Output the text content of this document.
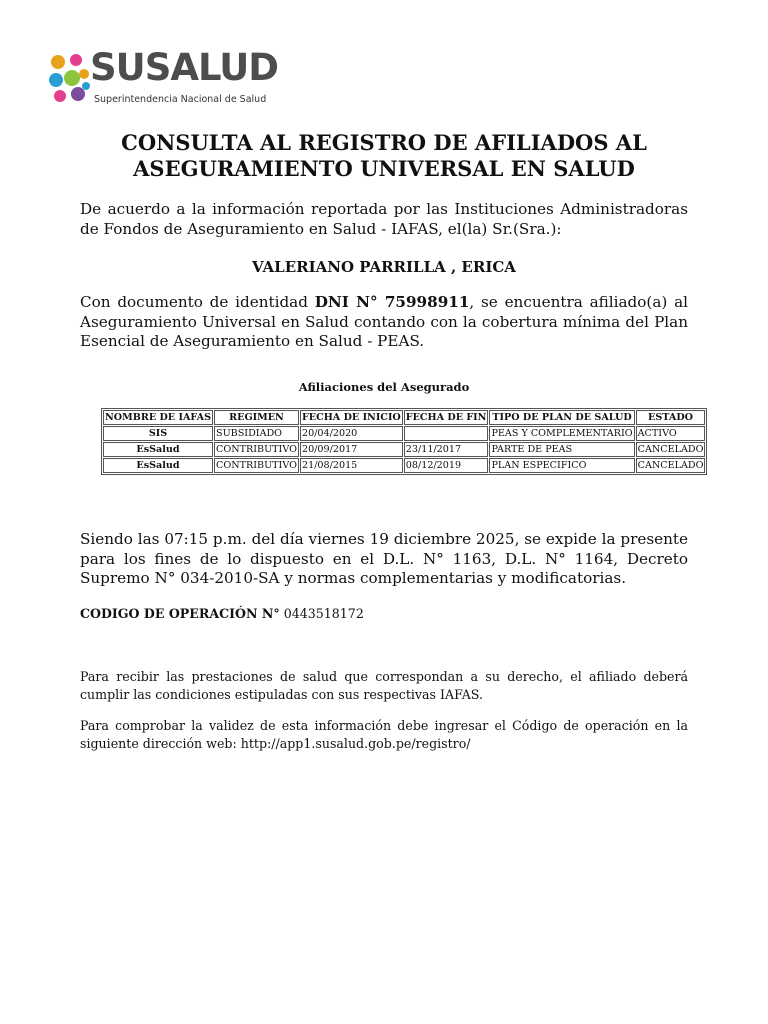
SUSALUD
Superintendencia Nacional de Salud
CONSULTA AL REGISTRO DE AFILIADOS AL
ASEGURAMIENTO UNIVERSAL EN SALUD
De acuerdo a la información reportada por las Instituciones Administradoras de Fondos de Aseguramiento en Salud - IAFAS, el(la) Sr.(Sra.):
VALERIANO PARRILLA , ERICA
Con documento de identidad DNI N° 75998911, se encuentra afiliado(a) al Aseguramiento Universal en Salud contando con la cobertura mínima del Plan Esencial de Aseguramiento en Salud - PEAS.
Afiliaciones del Asegurado
NOMBRE DE IAFAS	REGIMEN	FECHA DE INICIO	FECHA DE FIN	TIPO DE PLAN DE SALUD	ESTADO
SIS	SUBSIDIADO	20/04/2020		PEAS Y COMPLEMENTARIO	ACTIVO
EsSalud	CONTRIBUTIVO	20/09/2017	23/11/2017	PARTE DE PEAS	CANCELADO
EsSalud	CONTRIBUTIVO	21/08/2015	08/12/2019	PLAN ESPECIFICO	CANCELADO
Siendo las 07:15 p.m. del día viernes 19 diciembre 2025, se expide la presente para los fines de lo dispuesto en el D.L. N° 1163, D.L. N° 1164, Decreto Supremo N° 034-2010-SA y normas complementarias y modificatorias.
CODIGO DE OPERACIÓN N° 0443518172
Para recibir las prestaciones de salud que correspondan a su derecho, el afiliado deberá cumplir las condiciones estipuladas con sus respectivas IAFAS.
Para comprobar la validez de esta información debe ingresar el Código de operación en la siguiente dirección web: http://app1.susalud.gob.pe/registro/
